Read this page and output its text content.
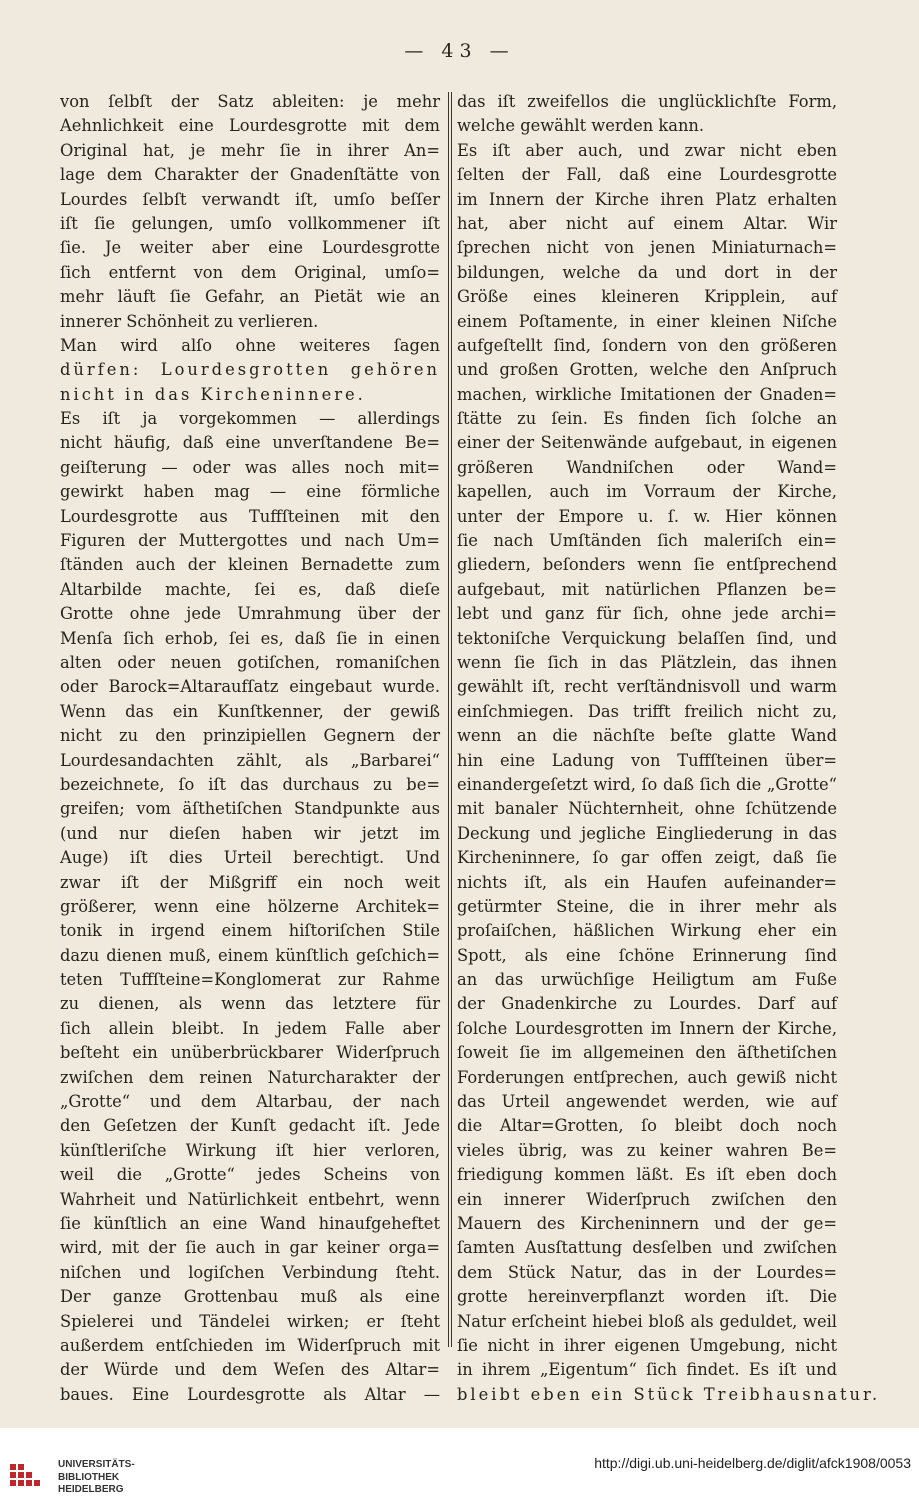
— 43 —
von ſelbſt der Satz ableiten: je mehr
Aehnlichkeit eine Lourdesgrotte mit dem
Original hat, je mehr ſie in ihrer An=
lage dem Charakter der Gnadenſtätte von
Lourdes ſelbſt verwandt iſt, umſo beſſer
iſt ſie gelungen, umſo vollkommener iſt
ſie. Je weiter aber eine Lourdesgrotte
ſich entfernt von dem Original, umſo=
mehr läuft ſie Gefahr, an Pietät wie an
innerer Schönheit zu verlieren.
Man wird alſo ohne weiteres ſagen
dürfen: Lourdesgrotten gehören
nicht in das Kircheninnere.
Es iſt ja vorgekommen — allerdings
nicht häufig, daß eine unverſtandene Be=
geiſterung — oder was alles noch mit=
gewirkt haben mag — eine förmliche
Lourdesgrotte aus Tuffſteinen mit den
Figuren der Muttergottes und nach Um=
ſtänden auch der kleinen Bernadette zum
Altarbilde machte, ſei es, daß dieſe
Grotte ohne jede Umrahmung über der
Menſa ſich erhob, ſei es, daß ſie in einen
alten oder neuen gotiſchen, romaniſchen
oder Barock=Altaraufſatz eingebaut wurde.
Wenn das ein Kunſtkenner, der gewiß
nicht zu den prinzipiellen Gegnern der
Lourdesandachten zählt, als „Barbarei“
bezeichnete, ſo iſt das durchaus zu be=
greifen; vom äſthetiſchen Standpunkte aus
(und nur dieſen haben wir jetzt im
Auge) iſt dies Urteil berechtigt. Und
zwar iſt der Mißgriff ein noch weit
größerer, wenn eine hölzerne Architek=
tonik in irgend einem hiſtoriſchen Stile
dazu dienen muß, einem künſtlich geſchich=
teten Tuffſteine=Konglomerat zur Rahme
zu dienen, als wenn das letztere für
ſich allein bleibt. In jedem Falle aber
beſteht ein unüberbrückbarer Widerſpruch
zwiſchen dem reinen Naturcharakter der
„Grotte“ und dem Altarbau, der nach
den Geſetzen der Kunſt gedacht iſt. Jede
künſtleriſche Wirkung iſt hier verloren,
weil die „Grotte“ jedes Scheins von
Wahrheit und Natürlichkeit entbehrt, wenn
ſie künſtlich an eine Wand hinaufgeheftet
wird, mit der ſie auch in gar keiner orga=
niſchen und logiſchen Verbindung ſteht.
Der ganze Grottenbau muß als eine
Spielerei und Tändelei wirken; er ſteht
außerdem entſchieden im Widerſpruch mit
der Würde und dem Weſen des Altar=
baues. Eine Lourdesgrotte als Altar —
das iſt zweifellos die unglücklichſte Form,
welche gewählt werden kann.
Es iſt aber auch, und zwar nicht eben
ſelten der Fall, daß eine Lourdesgrotte
im Innern der Kirche ihren Platz erhalten
hat, aber nicht auf einem Altar. Wir
ſprechen nicht von jenen Miniaturnach=
bildungen, welche da und dort in der
Größe eines kleineren Kripplein, auf
einem Poſtamente, in einer kleinen Niſche
aufgeſtellt ſind, ſondern von den größeren
und großen Grotten, welche den Anſpruch
machen, wirkliche Imitationen der Gnaden=
ſtätte zu ſein. Es finden ſich ſolche an
einer der Seitenwände aufgebaut, in eigenen
größeren Wandniſchen oder Wand=
kapellen, auch im Vorraum der Kirche,
unter der Empore u. ſ. w. Hier können
ſie nach Umſtänden ſich maleriſch ein=
gliedern, beſonders wenn ſie entſprechend
aufgebaut, mit natürlichen Pflanzen be=
lebt und ganz für ſich, ohne jede archi=
tektoniſche Verquickung belaſſen ſind, und
wenn ſie ſich in das Plätzlein, das ihnen
gewählt iſt, recht verſtändnisvoll und warm
einſchmiegen. Das trifft freilich nicht zu,
wenn an die nächſte beſte glatte Wand
hin eine Ladung von Tuffſteinen über=
einandergeſetzt wird, ſo daß ſich die „Grotte“
mit banaler Nüchternheit, ohne ſchützende
Deckung und jegliche Eingliederung in das
Kircheninnere, ſo gar offen zeigt, daß ſie
nichts iſt, als ein Haufen aufeinander=
getürmter Steine, die in ihrer mehr als
proſaiſchen, häßlichen Wirkung eher ein
Spott, als eine ſchöne Erinnerung ſind
an das urwüchſige Heiligtum am Fuße
der Gnadenkirche zu Lourdes. Darf auf
ſolche Lourdesgrotten im Innern der Kirche,
ſoweit ſie im allgemeinen den äſthetiſchen
Forderungen entſprechen, auch gewiß nicht
das Urteil angewendet werden, wie auf
die Altar=Grotten, ſo bleibt doch noch
vieles übrig, was zu keiner wahren Be=
friedigung kommen läßt. Es iſt eben doch
ein innerer Widerſpruch zwiſchen den
Mauern des Kircheninnern und der ge=
ſamten Ausſtattung desſelben und zwiſchen
dem Stück Natur, das in der Lourdes=
grotte hereinverpflanzt worden iſt. Die
Natur erſcheint hiebei bloß als geduldet, weil
ſie nicht in ihrer eigenen Umgebung, nicht
in ihrem „Eigentum“ ſich findet. Es iſt und
bleibt eben ein Stück Treibhausnatur.
UNIVERSITÄTS-
BIBLIOTHEK
HEIDELBERG
http://digi.ub.uni-heidelberg.de/diglit/afck1908/0053
